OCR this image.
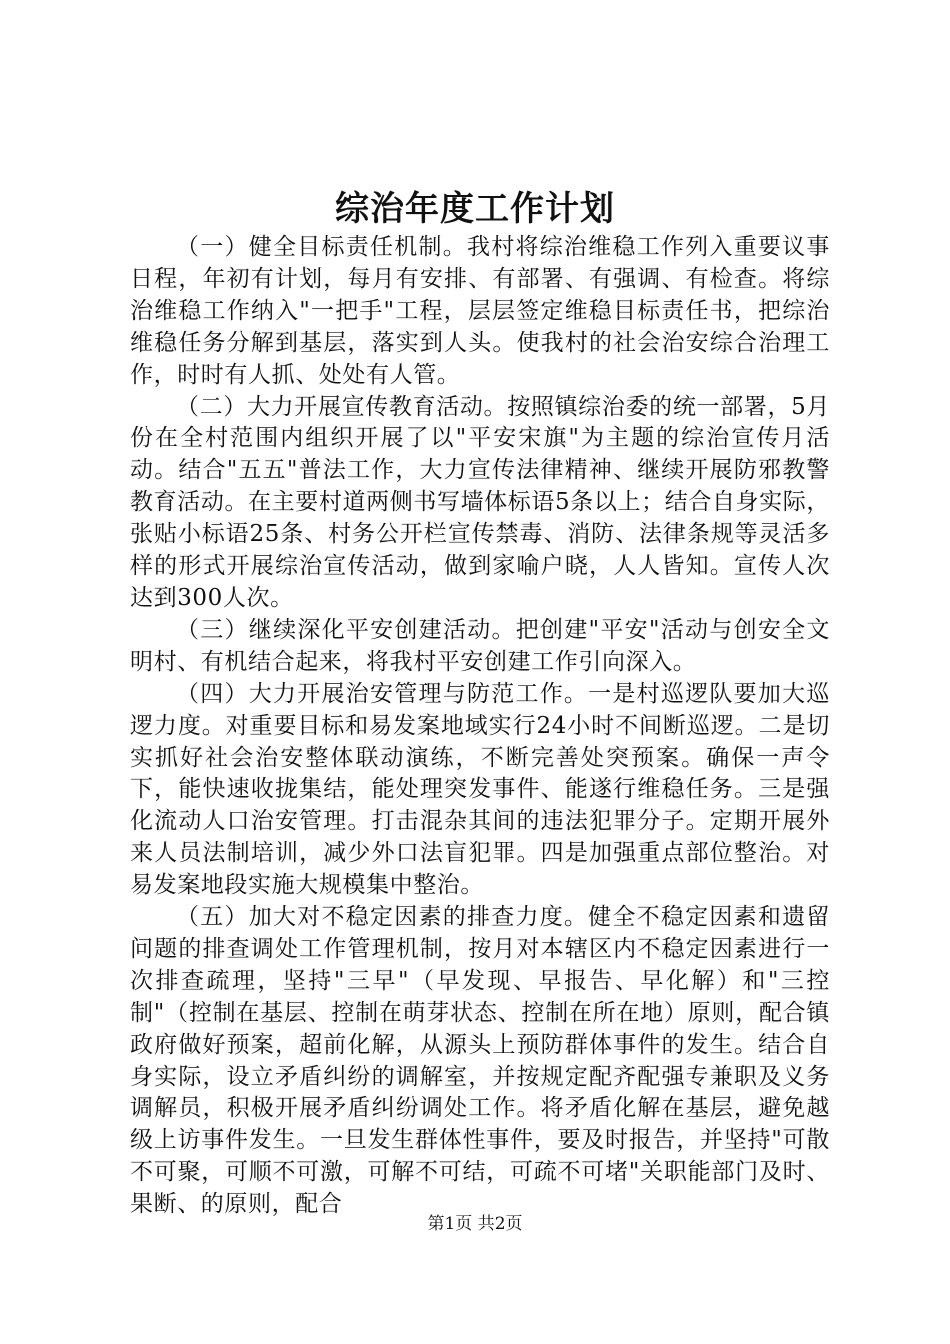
综治年度工作计划

（一）健全目标责任机制。我村将综治维稳工作列入重要议事日程，年初有计划，每月有安排、有部署、有强调、有检查。将综治维稳工作纳入"一把手"工程，层层签定维稳目标责任书，把综治维稳任务分解到基层，落实到人头。使我村的社会治安综合治理工作，时时有人抓、处处有人管。

（二）大力开展宣传教育活动。按照镇综治委的统一部署，5月份在全村范围内组织开展了以"平安宋旗"为主题的综治宣传月活动。结合"五五"普法工作，大力宣传法律精神、继续开展防邪教警教育活动。在主要村道两侧书写墙体标语5条以上；结合自身实际，张贴小标语25条、村务公开栏宣传禁毒、消防、法律条规等灵活多样的形式开展综治宣传活动，做到家喻户晓，人人皆知。宣传人次达到300人次。

（三）继续深化平安创建活动。把创建"平安"活动与创安全文明村、有机结合起来，将我村平安创建工作引向深入。

（四）大力开展治安管理与防范工作。一是村巡逻队要加大巡逻力度。对重要目标和易发案地域实行24小时不间断巡逻。二是切实抓好社会治安整体联动演练，不断完善处突预案。确保一声令下，能快速收拢集结，能处理突发事件、能遂行维稳任务。三是强化流动人口治安管理。打击混杂其间的违法犯罪分子。定期开展外来人员法制培训，减少外口法盲犯罪。四是加强重点部位整治。对易发案地段实施大规模集中整治。

（五）加大对不稳定因素的排查力度。健全不稳定因素和遗留问题的排查调处工作管理机制，按月对本辖区内不稳定因素进行一次排查疏理，坚持"三早"（早发现、早报告、早化解）和"三控制"（控制在基层、控制在萌芽状态、控制在所在地）原则，配合镇政府做好预案，超前化解，从源头上预防群体事件的发生。结合自身实际，设立矛盾纠纷的调解室，并按规定配齐配强专兼职及义务调解员，积极开展矛盾纠纷调处工作。将矛盾化解在基层，避免越级上访事件发生。一旦发生群体性事件，要及时报告，并坚持"可散不可聚，可顺不可激，可解不可结，可疏不可堵"关职能部门及时、果断、的原则，配合

第1页 共2页
